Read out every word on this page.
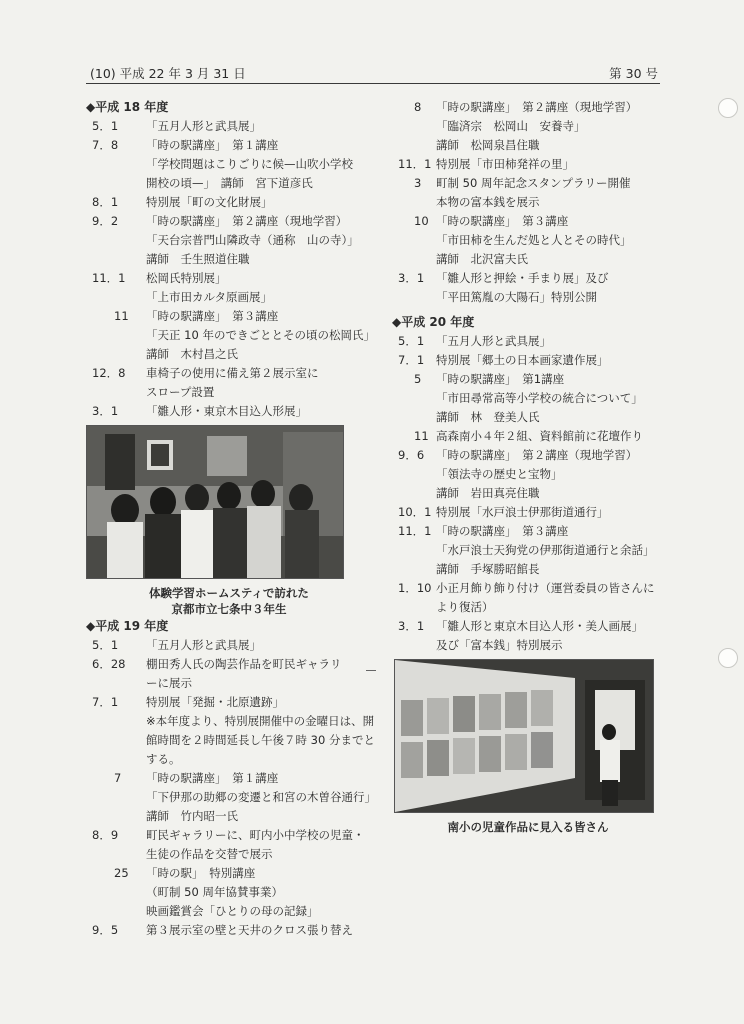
(10) 平成 22 年 3 月 31 日	第 30 号
◆平成 18 年度
5．1 「五月人形と武具展」
7．8 「時の駅講座」　第１講座
「学校問題はこりごりに候—山吹小学校
開校の頃—」　講師　宮下道彦氏
8．1 特別展「町の文化財展」
9．2 「時の駅講座」　第２講座（現地学習）
「天台宗普門山隣政寺（通称　山の寺）」
講師　壬生照道住職
11．1 松岡氏特別展」
「上市田カルタ原画展」
11 「時の駅講座」　第３講座
「天正 10 年のできごととその頃の松岡氏」
講師　木村昌之氏
12．8 車椅子の使用に備え第２展示室に
スロープ設置
3．1 「雛人形・東京木目込人形展」
体験学習ホームスティで訪れた
京都市立七条中３年生
◆平成 19 年度
5．1 「五月人形と武具展」
6．28 棚田秀人氏の陶芸作品を町民ギャラリ
ーに展示
7．1 特別展「発掘・北原遺跡」
※本年度より、特別展開催中の金曜日は、開
館時間を２時間延長し午後７時 30 分までと
する。
7 「時の駅講座」　第１講座
「下伊那の助郷の変遷と和宮の木曽谷通行」
講師　竹内昭一氏
8．9 町民ギャラリーに、町内小中学校の児童・
生徒の作品を交替で展示
25 「時の駅」　特別講座
（町制 50 周年協賛事業）
映画鑑賞会「ひとりの母の記録」
9．5 第３展示室の壁と天井のクロス張り替え
8 「時の駅講座」　第２講座（現地学習）
「臨済宗　松岡山　安養寺」
講師　松岡泉昌住職
11．1 特別展「市田柿発祥の里」
3 町制 50 周年記念スタンプラリー開催
本物の富本銭を展示
10 「時の駅講座」　第３講座
「市田柿を生んだ処と人とその時代」
講師　北沢富夫氏
3．1 「雛人形と押絵・手まり展」及び
「平田篤胤の大陽石」特別公開
◆平成 20 年度
5．1 「五月人形と武具展」
7．1 特別展「郷土の日本画家遺作展」
5 「時の駅講座」　第1講座
「市田尋常高等小学校の統合について」
講師　林　登美人氏
11 高森南小４年２組、資料館前に花壇作り
9．6 「時の駅講座」　第２講座（現地学習）
「領法寺の歴史と宝物」
講師　岩田真亮住職
10．1 特別展「水戸浪士伊那街道通行」
11．1 「時の駅講座」　第３講座
「水戸浪士天狗党の伊那街道通行と余話」
講師　手塚勝昭館長
1．10 小正月飾り飾り付け（運営委員の皆さんに
より復活）
3．1 「雛人形と東京木目込人形・美人画展」
及び「富本銭」特別展示
南小の児童作品に見入る皆さん
